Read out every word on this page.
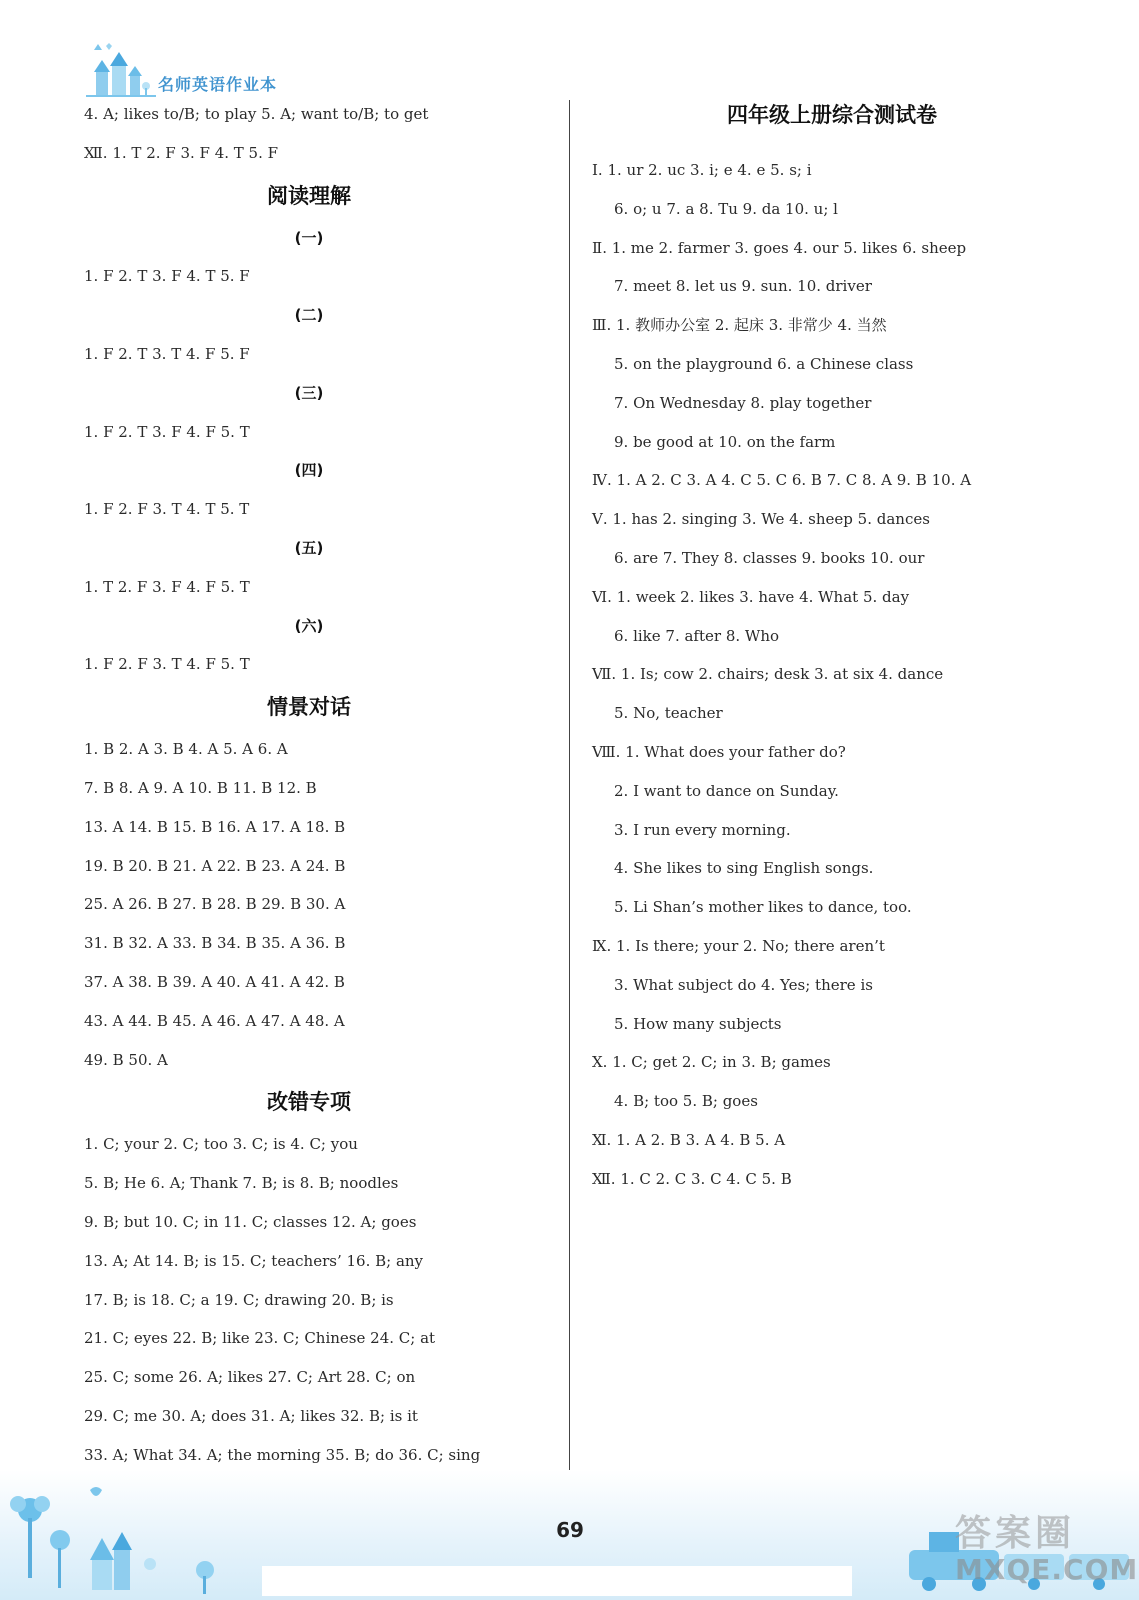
名师英语作业本
4. A; likes to/B; to play 5. A; want to/B; to get
Ⅻ. 1. T 2. F 3. F 4. T 5. F
阅读理解
(一)
1. F 2. T 3. F 4. T 5. F
(二)
1. F 2. T 3. T 4. F 5. F
(三)
1. F 2. T 3. F 4. F 5. T
(四)
1. F 2. F 3. T 4. T 5. T
(五)
1. T 2. F 3. F 4. F 5. T
(六)
1. F 2. F 3. T 4. F 5. T
情景对话
1. B 2. A 3. B 4. A 5. A 6. A
7. B 8. A 9. A 10. B 11. B 12. B
13. A 14. B 15. B 16. A 17. A 18. B
19. B 20. B 21. A 22. B 23. A 24. B
25. A 26. B 27. B 28. B 29. B 30. A
31. B 32. A 33. B 34. B 35. A 36. B
37. A 38. B 39. A 40. A 41. A 42. B
43. A 44. B 45. A 46. A 47. A 48. A
49. B 50. A
改错专项
1. C; your 2. C; too 3. C; is 4. C; you
5. B; He 6. A; Thank 7. B; is 8. B; noodles
9. B; but 10. C; in 11. C; classes 12. A; goes
13. A; At 14. B; is 15. C; teachers’ 16. B; any
17. B; is 18. C; a 19. C; drawing 20. B; is
21. C; eyes 22. B; like 23. C; Chinese 24. C; at
25. C; some 26. A; likes 27. C; Art 28. C; on
29. C; me 30. A; does 31. A; likes 32. B; is it
33. A; What 34. A; the morning 35. B; do 36. C; sing
四年级上册综合测试卷
Ⅰ. 1. ur 2. uc 3. i; e 4. e 5. s; i
6. o; u 7. a 8. Tu 9. da 10. u; l
Ⅱ. 1. me 2. farmer 3. goes 4. our 5. likes 6. sheep
7. meet 8. let us 9. sun. 10. driver
Ⅲ. 1. 教师办公室 2. 起床 3. 非常少 4. 当然
5. on the playground 6. a Chinese class
7. On Wednesday 8. play together
9. be good at 10. on the farm
Ⅳ. 1. A 2. C 3. A 4. C 5. C 6. B 7. C 8. A 9. B 10. A
Ⅴ. 1. has 2. singing 3. We 4. sheep 5. dances
6. are 7. They 8. classes 9. books 10. our
Ⅵ. 1. week 2. likes 3. have 4. What 5. day
6. like 7. after 8. Who
Ⅶ. 1. Is; cow 2. chairs; desk 3. at six 4. dance
5. No, teacher
Ⅷ. 1. What does your father do?
2. I want to dance on Sunday.
3. I run every morning.
4. She likes to sing English songs.
5. Li Shan’s mother likes to dance, too.
Ⅸ. 1. Is there; your 2. No; there aren’t
3. What subject do 4. Yes; there is
5. How many subjects
Ⅹ. 1. C; get 2. C; in 3. B; games
4. B; too 5. B; goes
Ⅺ. 1. A 2. B 3. A 4. B 5. A
Ⅻ. 1. C 2. C 3. C 4. C 5. B
69	答案圈
MXQE.COM
